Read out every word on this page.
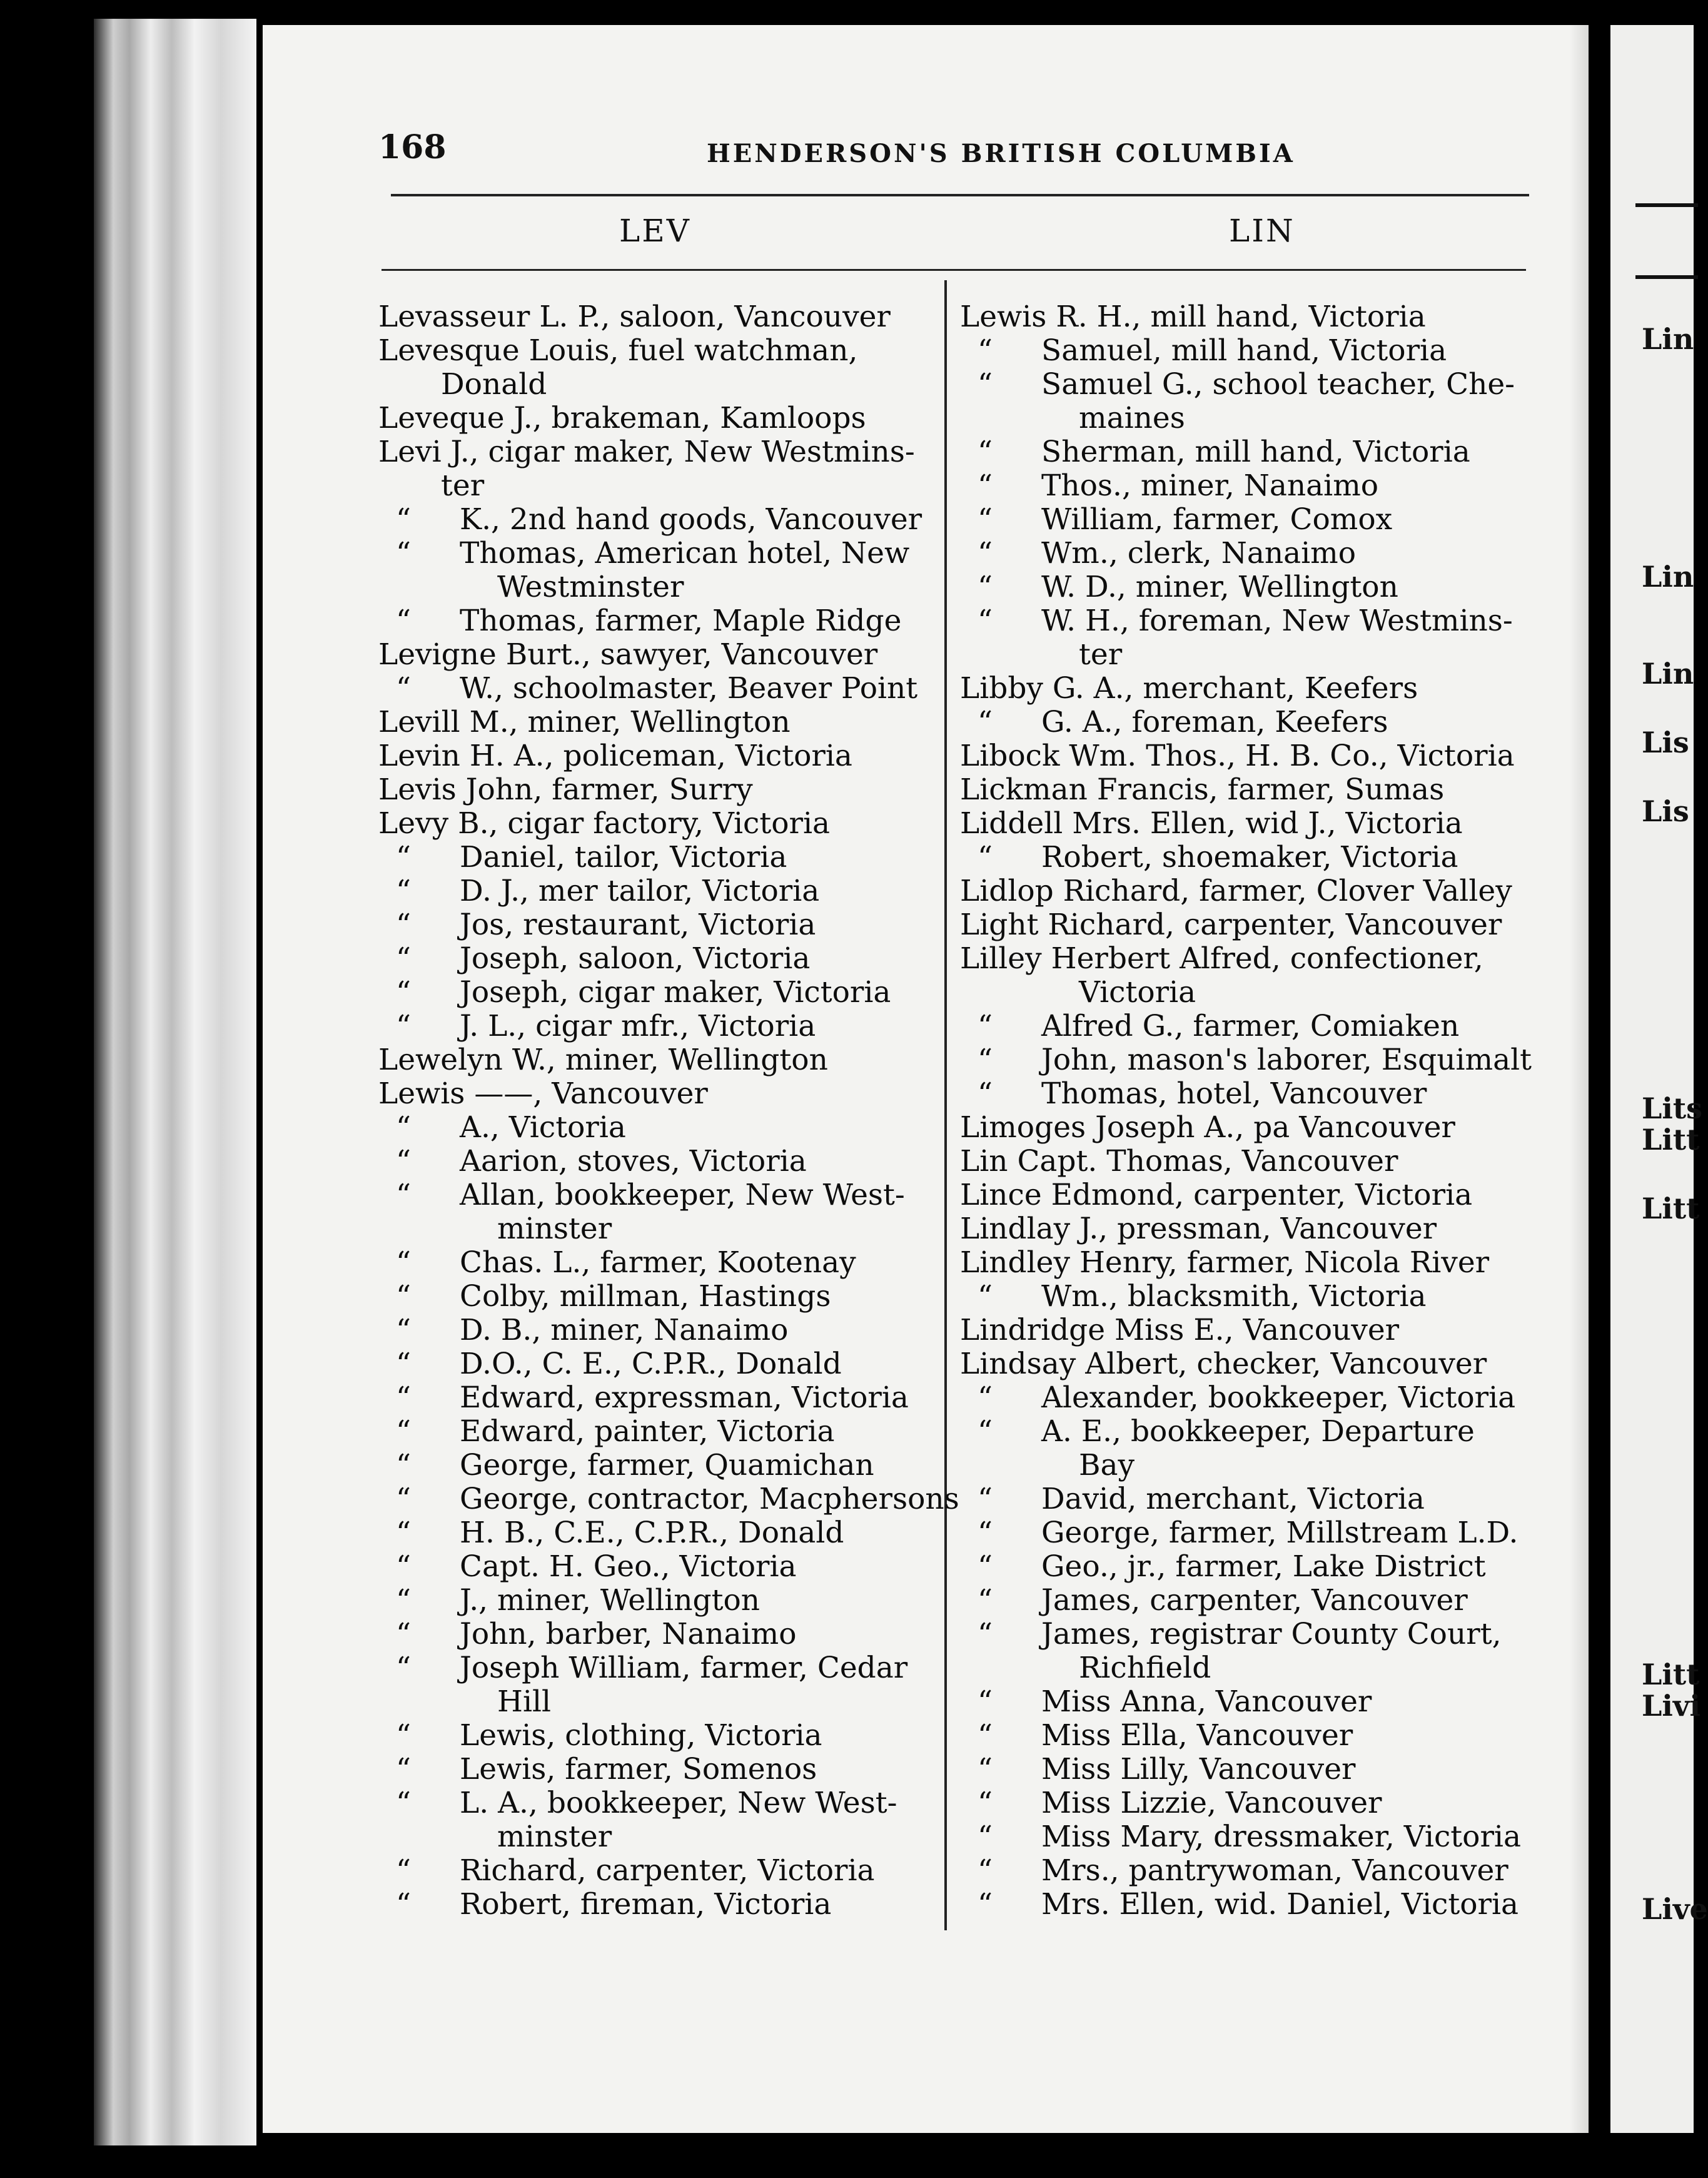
Lin
Lin
Lin
Lis
Lis
Lits
Litt
Litt
Litt
Livi
Live
168	HENDERSON'S BRITISH COLUMBIA
LEV	LIN
Levasseur L. P., saloon, Vancouver
Levesque Louis, fuel watchman,
Donald
Leveque J., brakeman, Kamloops
Levi J., cigar maker, New Westmins-
ter
“ K., 2nd hand goods, Vancouver
“ Thomas, American hotel, New
Westminster
“ Thomas, farmer, Maple Ridge
Levigne Burt., sawyer, Vancouver
“ W., schoolmaster, Beaver Point
Levill M., miner, Wellington
Levin H. A., policeman, Victoria
Levis John, farmer, Surry
Levy B., cigar factory, Victoria
“ Daniel, tailor, Victoria
“ D. J., mer tailor, Victoria
“ Jos, restaurant, Victoria
“ Joseph, saloon, Victoria
“ Joseph, cigar maker, Victoria
“ J. L., cigar mfr., Victoria
Lewelyn W., miner, Wellington
Lewis ——, Vancouver
“ A., Victoria
“ Aarion, stoves, Victoria
“ Allan, bookkeeper, New West-
minster
“ Chas. L., farmer, Kootenay
“ Colby, millman, Hastings
“ D. B., miner, Nanaimo
“ D.O., C. E., C.P.R., Donald
“ Edward, expressman, Victoria
“ Edward, painter, Victoria
“ George, farmer, Quamichan
“ George, contractor, Macphersons
“ H. B., C.E., C.P.R., Donald
“ Capt. H. Geo., Victoria
“ J., miner, Wellington
“ John, barber, Nanaimo
“ Joseph William, farmer, Cedar
Hill
“ Lewis, clothing, Victoria
“ Lewis, farmer, Somenos
“ L. A., bookkeeper, New West-
minster
“ Richard, carpenter, Victoria
“ Robert, fireman, Victoria
Lewis R. H., mill hand, Victoria
“ Samuel, mill hand, Victoria
“ Samuel G., school teacher, Che-
maines
“ Sherman, mill hand, Victoria
“ Thos., miner, Nanaimo
“ William, farmer, Comox
“ Wm., clerk, Nanaimo
“ W. D., miner, Wellington
“ W. H., foreman, New Westmins-
ter
Libby G. A., merchant, Keefers
“ G. A., foreman, Keefers
Libock Wm. Thos., H. B. Co., Victoria
Lickman Francis, farmer, Sumas
Liddell Mrs. Ellen, wid J., Victoria
“ Robert, shoemaker, Victoria
Lidlop Richard, farmer, Clover Valley
Light Richard, carpenter, Vancouver
Lilley Herbert Alfred, confectioner,
Victoria
“ Alfred G., farmer, Comiaken
“ John, mason's laborer, Esquimalt
“ Thomas, hotel, Vancouver
Limoges Joseph A., pa Vancouver
Lin Capt. Thomas, Vancouver
Lince Edmond, carpenter, Victoria
Lindlay J., pressman, Vancouver
Lindley Henry, farmer, Nicola River
“ Wm., blacksmith, Victoria
Lindridge Miss E., Vancouver
Lindsay Albert, checker, Vancouver
“ Alexander, bookkeeper, Victoria
“ A. E., bookkeeper, Departure
Bay
“ David, merchant, Victoria
“ George, farmer, Millstream L.D.
“ Geo., jr., farmer, Lake District
“ James, carpenter, Vancouver
“ James, registrar County Court,
Richfield
“ Miss Anna, Vancouver
“ Miss Ella, Vancouver
“ Miss Lilly, Vancouver
“ Miss Lizzie, Vancouver
“ Miss Mary, dressmaker, Victoria
“ Mrs., pantrywoman, Vancouver
“ Mrs. Ellen, wid. Daniel, Victoria
